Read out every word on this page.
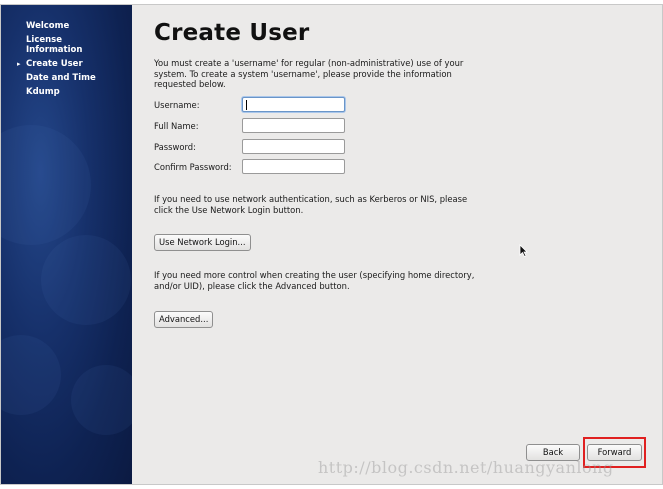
Welcome
License Information
▸ Create User
Date and Time
Kdump
Create User
You must create a 'username' for regular (non-administrative) use of your system. To create a system 'username', please provide the information requested below.
Username:
Full Name:
Password:
Confirm Password:
If you need to use network authentication, such as Kerberos or NIS, please click the Use Network Login button.
Use Network Login...
If you need more control when creating the user (specifying home directory, and/or UID), please click the Advanced button.
Advanced...
Back	Forward
http://blog.csdn.net/huangyanlong
